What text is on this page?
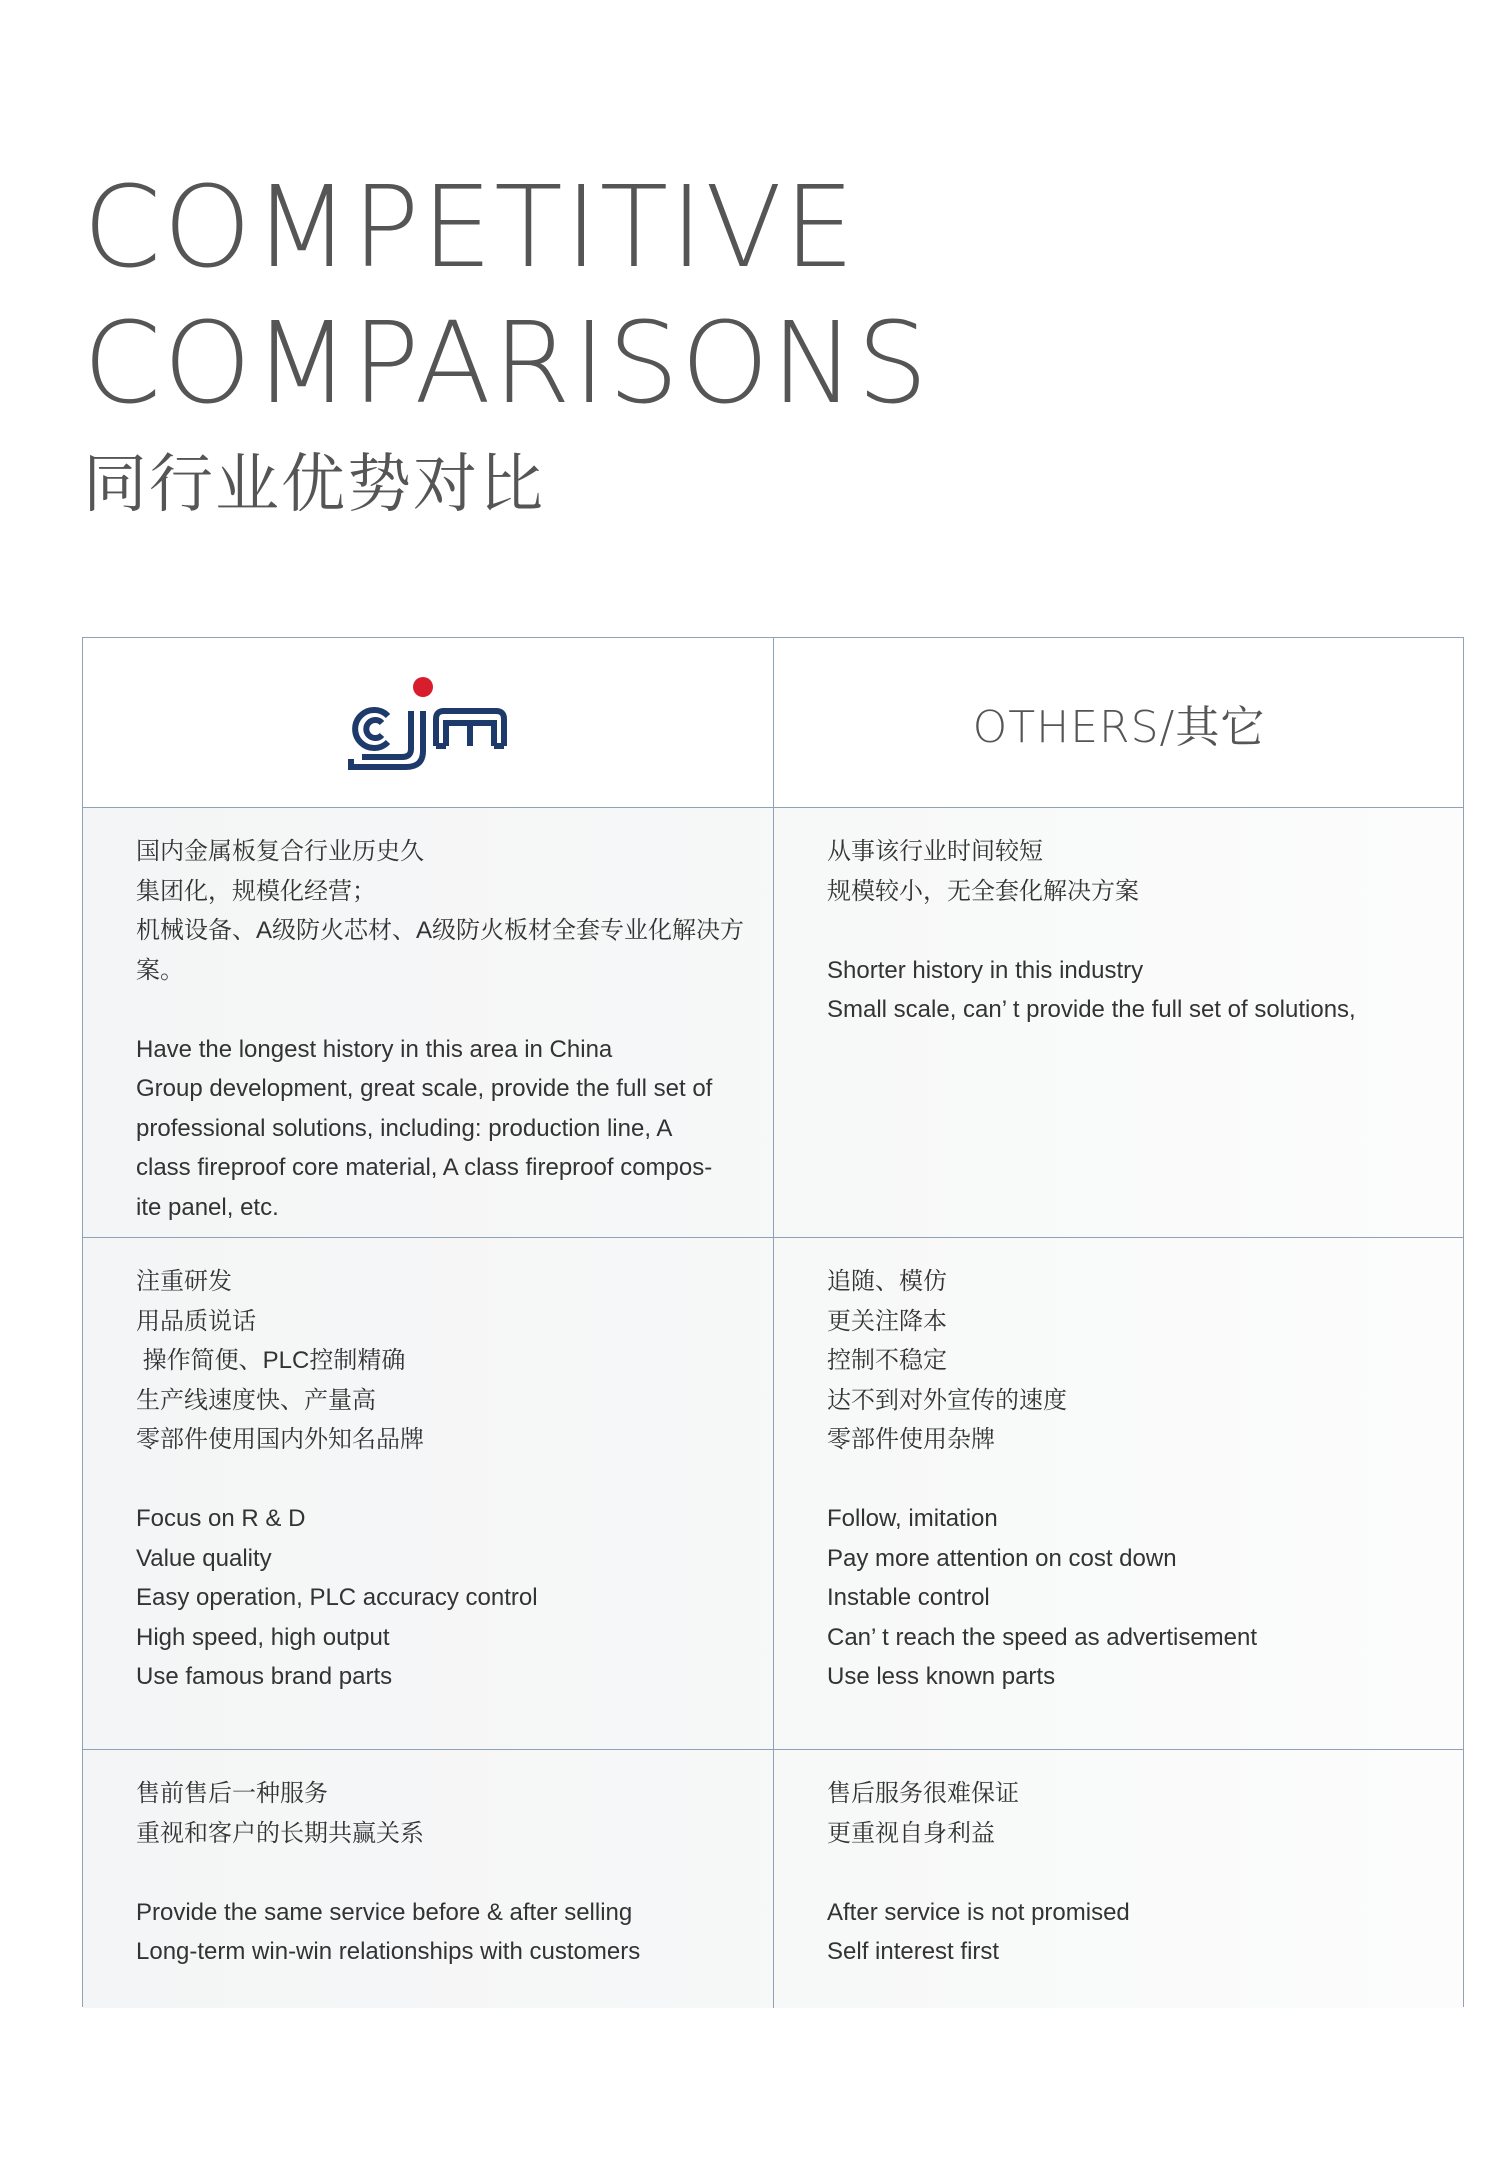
COMPETITIVE
COMPARISONS
同行业优势对比
cjm
OTHERS/其它

国内金属板复合行业历史久

集团化，规模化经营；

机械设备、A级防火芯材、A级防火板材全套专业化解决方

案。

Have the longest history in this area in China

Group development, great scale, provide the full set of

professional solutions, including: production line, A

class fireproof core material, A class fireproof compos-

ite panel, etc.

从事该行业时间较短

规模较小，无全套化解决方案

Shorter history in this industry

Small scale, can’ t provide the full set of solutions,

注重研发

用品质说话

操作简便、PLC控制精确

生产线速度快、产量高

零部件使用国内外知名品牌

Focus on R & D

Value quality

Easy operation, PLC accuracy control

High speed, high output

Use famous brand parts

追随、模仿

更关注降本

控制不稳定

达不到对外宣传的速度

零部件使用杂牌

Follow, imitation

Pay more attention on cost down

Instable control

Can’ t reach the speed as advertisement

Use less known parts

售前售后一种服务

重视和客户的长期共赢关系

Provide the same service before & after selling

Long-term win-win relationships with customers

售后服务很难保证

更重视自身利益

After service is not promised

Self interest first
